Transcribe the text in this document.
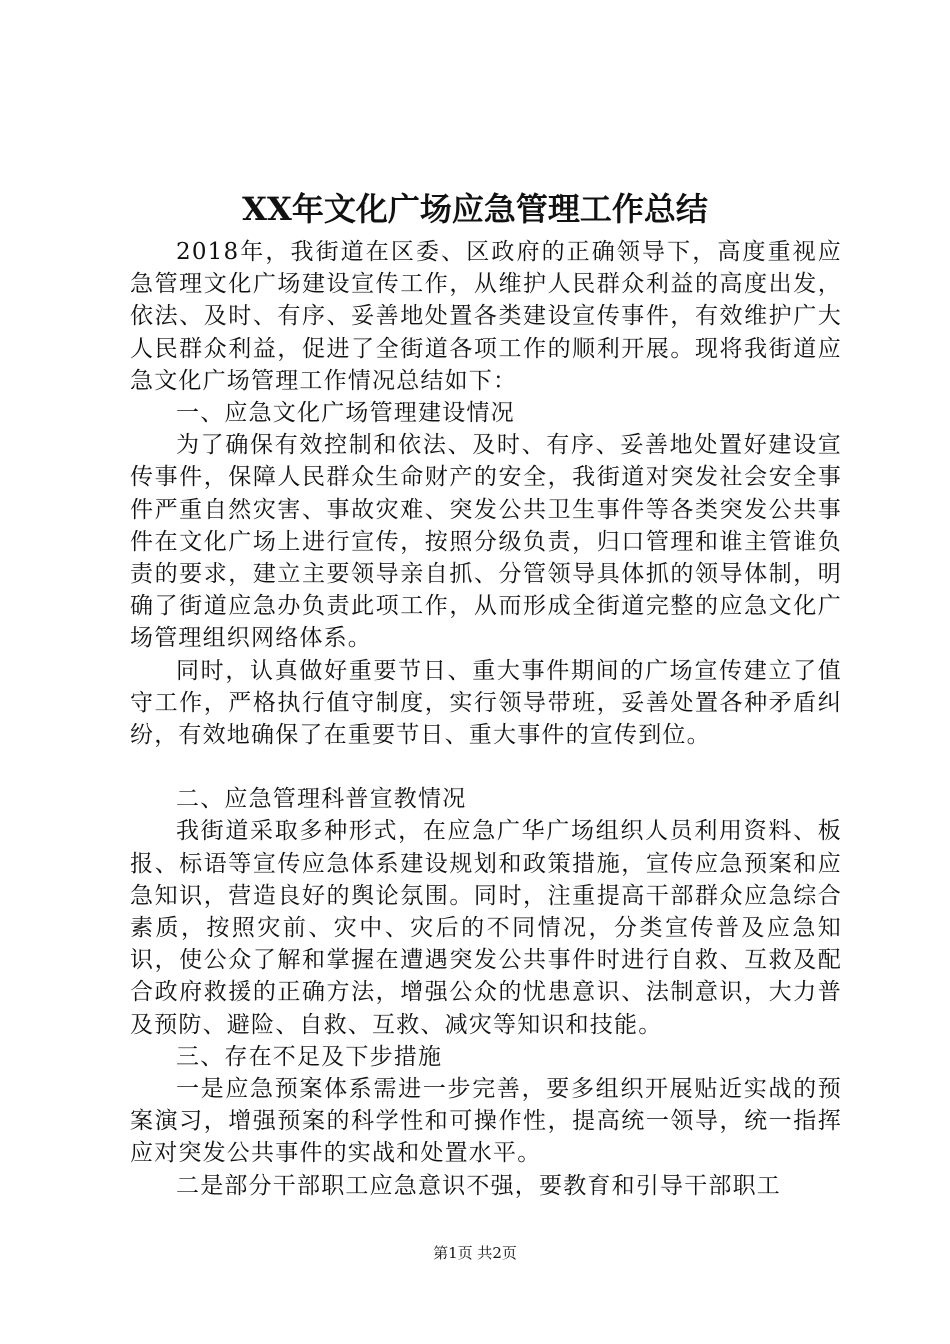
XX年文化广场应急管理工作总结

2018年，我街道在区委、区政府的正确领导下，高度重视应急管理文化广场建设宣传工作，从维护人民群众利益的高度出发，依法、及时、有序、妥善地处置各类建设宣传事件，有效维护广大人民群众利益，促进了全街道各项工作的顺利开展。现将我街道应急文化广场管理工作情况总结如下：

一、应急文化广场管理建设情况

为了确保有效控制和依法、及时、有序、妥善地处置好建设宣传事件，保障人民群众生命财产的安全，我街道对突发社会安全事件严重自然灾害、事故灾难、突发公共卫生事件等各类突发公共事件在文化广场上进行宣传，按照分级负责，归口管理和谁主管谁负责的要求，建立主要领导亲自抓、分管领导具体抓的领导体制，明确了街道应急办负责此项工作，从而形成全街道完整的应急文化广场管理组织网络体系。

同时，认真做好重要节日、重大事件期间的广场宣传建立了值守工作，严格执行值守制度，实行领导带班，妥善处置各种矛盾纠纷，有效地确保了在重要节日、重大事件的宣传到位。

二、应急管理科普宣教情况

我街道采取多种形式，在应急广华广场组织人员利用资料、板报、标语等宣传应急体系建设规划和政策措施，宣传应急预案和应急知识，营造良好的舆论氛围。同时，注重提高干部群众应急综合素质，按照灾前、灾中、灾后的不同情况，分类宣传普及应急知识，使公众了解和掌握在遭遇突发公共事件时进行自救、互救及配合政府救援的正确方法，增强公众的忧患意识、法制意识，大力普及预防、避险、自救、互救、减灾等知识和技能。

三、存在不足及下步措施

一是应急预案体系需进一步完善，要多组织开展贴近实战的预案演习，增强预案的科学性和可操作性，提高统一领导，统一指挥应对突发公共事件的实战和处置水平。

二是部分干部职工应急意识不强，要教育和引导干部职工

第1页 共2页
